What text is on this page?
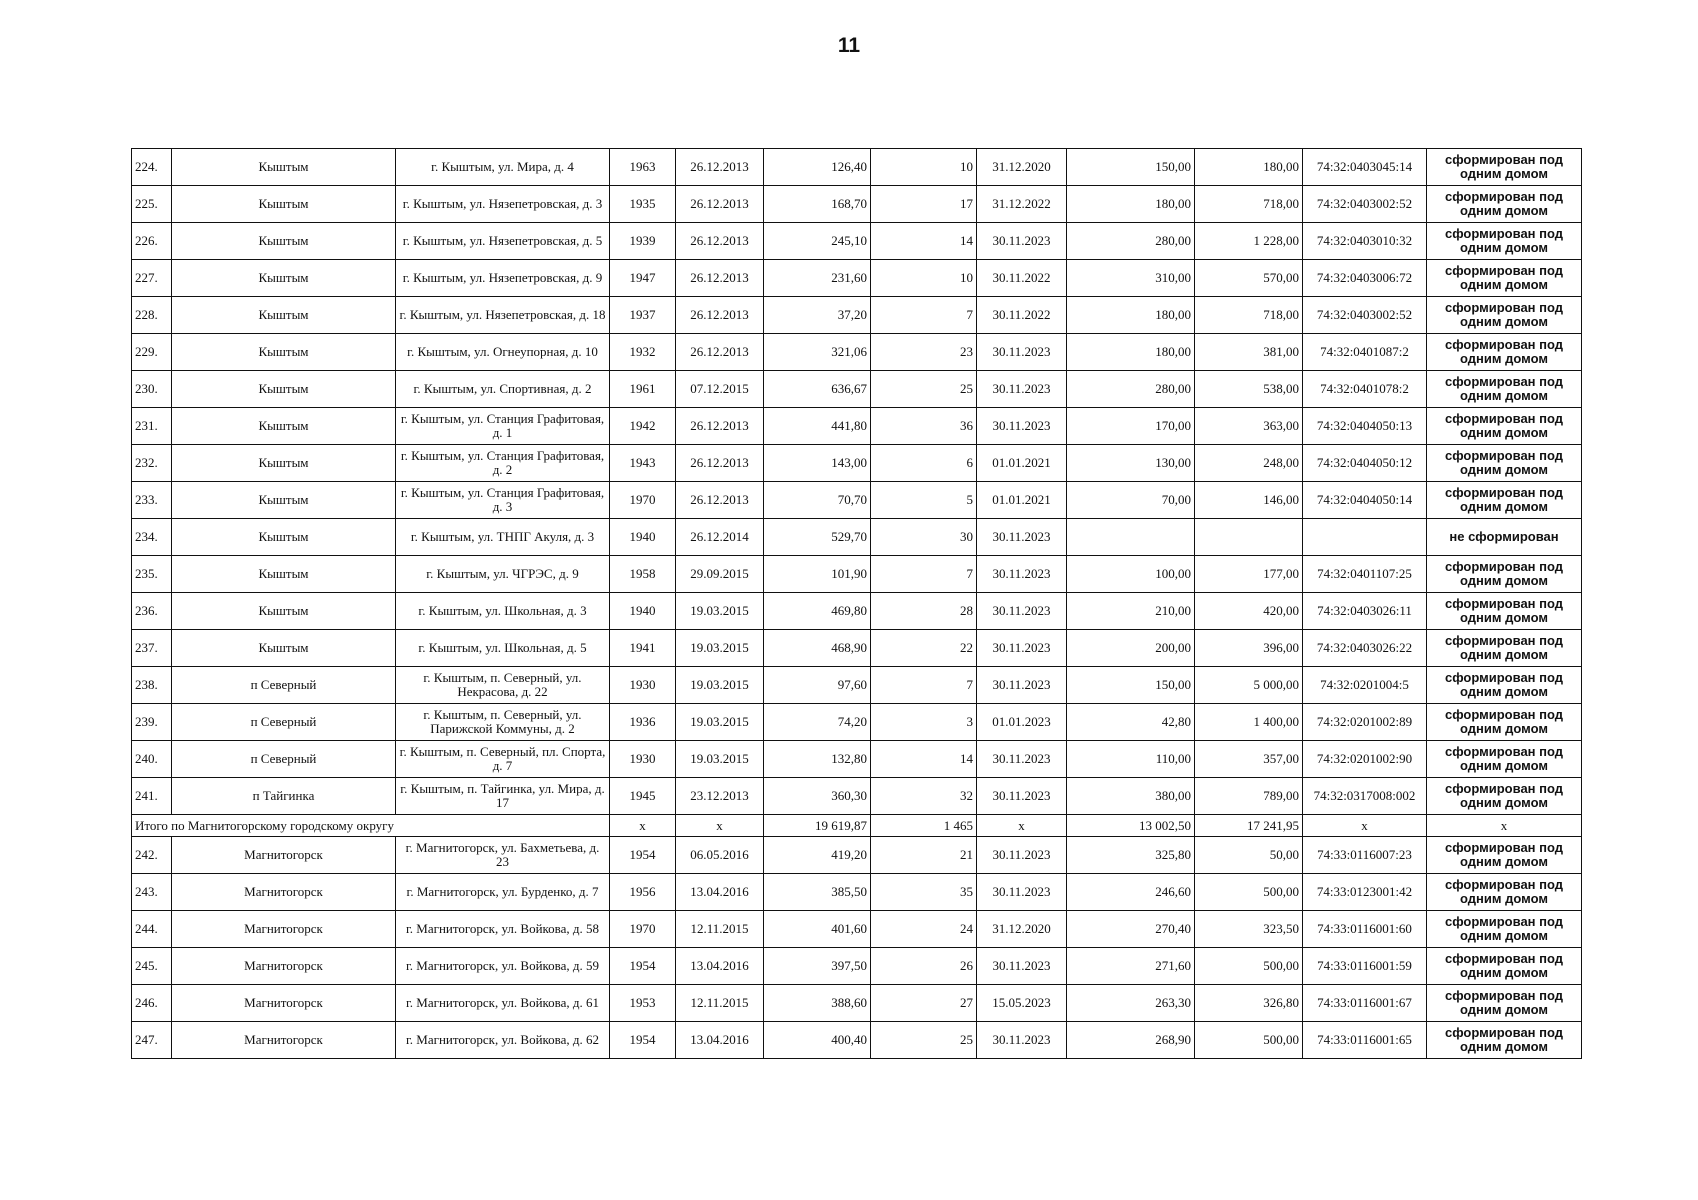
11
224.	Кыштым	г. Кыштым, ул. Мира, д. 4	1963	26.12.2013	126,40	10	31.12.2020	150,00	180,00	74:32:0403045:14	сформирован под одним домом
225.	Кыштым	г. Кыштым, ул. Нязепетровская, д. 3	1935	26.12.2013	168,70	17	31.12.2022	180,00	718,00	74:32:0403002:52	сформирован под одним домом
226.	Кыштым	г. Кыштым, ул. Нязепетровская, д. 5	1939	26.12.2013	245,10	14	30.11.2023	280,00	1 228,00	74:32:0403010:32	сформирован под одним домом
227.	Кыштым	г. Кыштым, ул. Нязепетровская, д. 9	1947	26.12.2013	231,60	10	30.11.2022	310,00	570,00	74:32:0403006:72	сформирован под одним домом
228.	Кыштым	г. Кыштым, ул. Нязепетровская, д. 18	1937	26.12.2013	37,20	7	30.11.2022	180,00	718,00	74:32:0403002:52	сформирован под одним домом
229.	Кыштым	г. Кыштым, ул. Огнеупорная, д. 10	1932	26.12.2013	321,06	23	30.11.2023	180,00	381,00	74:32:0401087:2	сформирован под одним домом
230.	Кыштым	г. Кыштым, ул. Спортивная, д. 2	1961	07.12.2015	636,67	25	30.11.2023	280,00	538,00	74:32:0401078:2	сформирован под одним домом
231.	Кыштым	г. Кыштым, ул. Станция Графитовая, д. 1	1942	26.12.2013	441,80	36	30.11.2023	170,00	363,00	74:32:0404050:13	сформирован под одним домом
232.	Кыштым	г. Кыштым, ул. Станция Графитовая, д. 2	1943	26.12.2013	143,00	6	01.01.2021	130,00	248,00	74:32:0404050:12	сформирован под одним домом
233.	Кыштым	г. Кыштым, ул. Станция Графитовая, д. 3	1970	26.12.2013	70,70	5	01.01.2021	70,00	146,00	74:32:0404050:14	сформирован под одним домом
234.	Кыштым	г. Кыштым, ул. ТНПГ Акуля, д. 3	1940	26.12.2014	529,70	30	30.11.2023				не сформирован
235.	Кыштым	г. Кыштым, ул. ЧГРЭС, д. 9	1958	29.09.2015	101,90	7	30.11.2023	100,00	177,00	74:32:0401107:25	сформирован под одним домом
236.	Кыштым	г. Кыштым, ул. Школьная, д. 3	1940	19.03.2015	469,80	28	30.11.2023	210,00	420,00	74:32:0403026:11	сформирован под одним домом
237.	Кыштым	г. Кыштым, ул. Школьная, д. 5	1941	19.03.2015	468,90	22	30.11.2023	200,00	396,00	74:32:0403026:22	сформирован под одним домом
238.	п Северный	г. Кыштым, п. Северный, ул. Некрасова, д. 22	1930	19.03.2015	97,60	7	30.11.2023	150,00	5 000,00	74:32:0201004:5	сформирован под одним домом
239.	п Северный	г. Кыштым, п. Северный, ул. Парижской Коммуны, д. 2	1936	19.03.2015	74,20	3	01.01.2023	42,80	1 400,00	74:32:0201002:89	сформирован под одним домом
240.	п Северный	г. Кыштым, п. Северный, пл. Спорта, д. 7	1930	19.03.2015	132,80	14	30.11.2023	110,00	357,00	74:32:0201002:90	сформирован под одним домом
241.	п Тайгинка	г. Кыштым, п. Тайгинка, ул. Мира, д. 17	1945	23.12.2013	360,30	32	30.11.2023	380,00	789,00	74:32:0317008:002	сформирован под одним домом
Итого по Магнитогорскому городскому округу			x	x	19 619,87	1 465	x	13 002,50	17 241,95	x	x
242.	Магнитогорск	г. Магнитогорск, ул. Бахметьева, д. 23	1954	06.05.2016	419,20	21	30.11.2023	325,80	50,00	74:33:0116007:23	сформирован под одним домом
243.	Магнитогорск	г. Магнитогорск, ул. Бурденко, д. 7	1956	13.04.2016	385,50	35	30.11.2023	246,60	500,00	74:33:0123001:42	сформирован под одним домом
244.	Магнитогорск	г. Магнитогорск, ул. Войкова, д. 58	1970	12.11.2015	401,60	24	31.12.2020	270,40	323,50	74:33:0116001:60	сформирован под одним домом
245.	Магнитогорск	г. Магнитогорск, ул. Войкова, д. 59	1954	13.04.2016	397,50	26	30.11.2023	271,60	500,00	74:33:0116001:59	сформирован под одним домом
246.	Магнитогорск	г. Магнитогорск, ул. Войкова, д. 61	1953	12.11.2015	388,60	27	15.05.2023	263,30	326,80	74:33:0116001:67	сформирован под одним домом
247.	Магнитогорск	г. Магнитогорск, ул. Войкова, д. 62	1954	13.04.2016	400,40	25	30.11.2023	268,90	500,00	74:33:0116001:65	сформирован под одним домом
